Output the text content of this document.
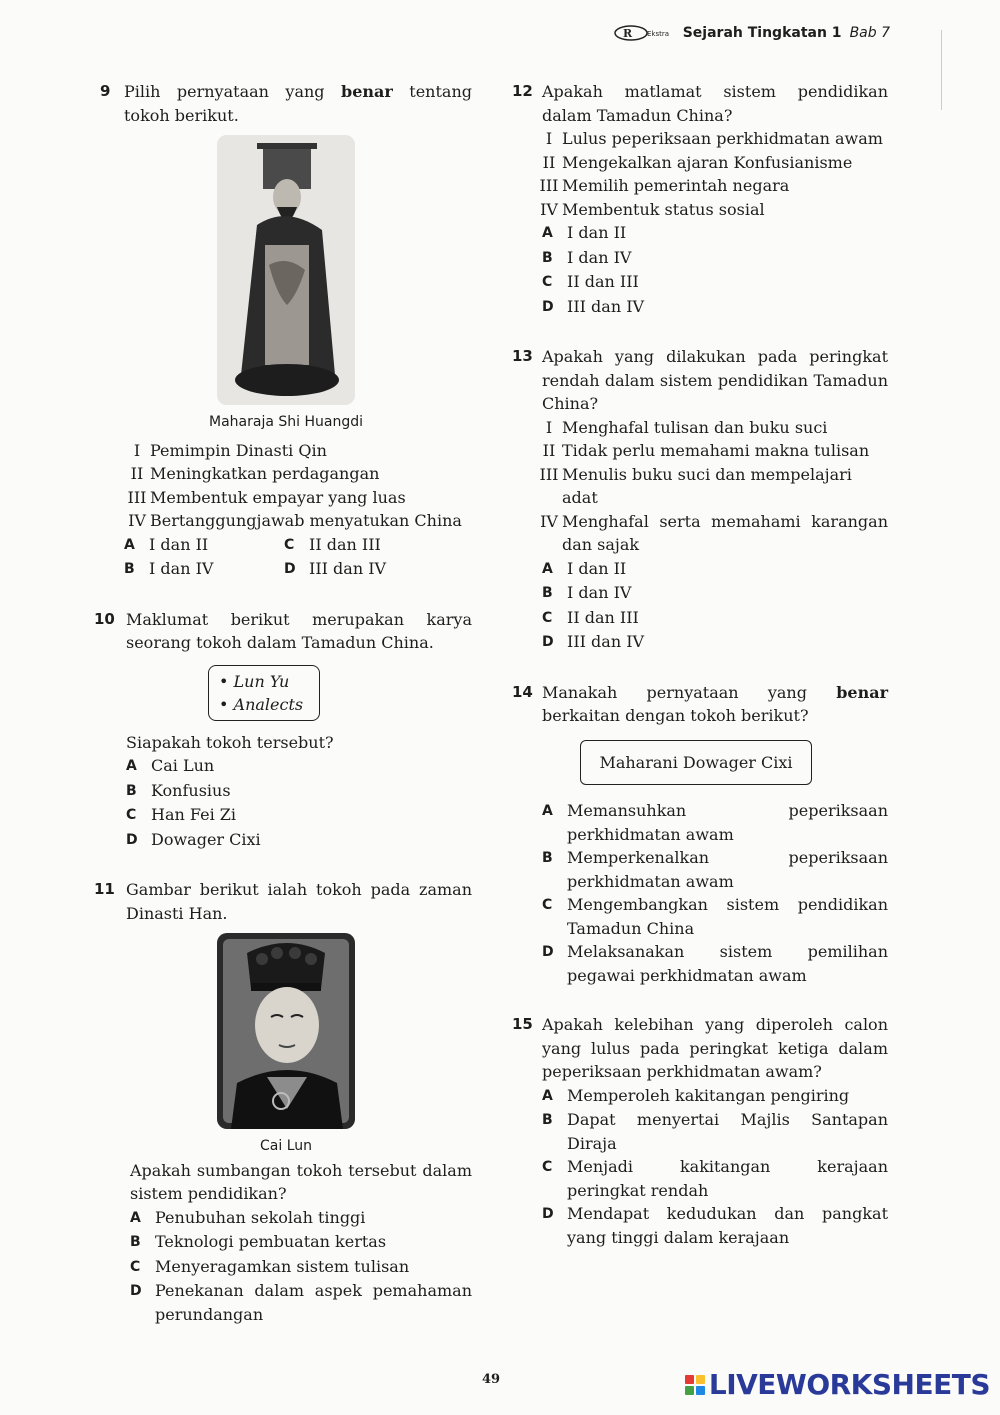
R Ekstra Sejarah Tingkatan 1 Bab 7
9 Pilih pernyataan yang benar tentang tokoh berikut.
Maharaja Shi Huangdi
I Pemimpin Dinasti Qin
II Meningkatkan perdagangan
III Membentuk empayar yang luas
IV Bertanggungjawab menyatukan China
A I dan II	C II dan III
B I dan IV	D III dan IV
10 Maklumat berikut merupakan karya seorang tokoh dalam Tamadun China.
• Lun Yu
• Analects
Siapakah tokoh tersebut?
A Cai Lun
B Konfusius
C Han Fei Zi
D Dowager Cixi
11 Gambar berikut ialah tokoh pada zaman Dinasti Han.
Cai Lun
Apakah sumbangan tokoh tersebut dalam sistem pendidikan?
A Penubuhan sekolah tinggi
B Teknologi pembuatan kertas
C Menyeragamkan sistem tulisan
D Penekanan dalam aspek pemahaman perundangan
12 Apakah matlamat sistem pendidikan dalam Tamadun China?
I Lulus peperiksaan perkhidmatan awam
II Mengekalkan ajaran Konfusianisme
III Memilih pemerintah negara
IV Membentuk status sosial
A I dan II
B I dan IV
C II dan III
D III dan IV
13 Apakah yang dilakukan pada peringkat rendah dalam sistem pendidikan Tamadun China?
I Menghafal tulisan dan buku suci
II Tidak perlu memahami makna tulisan
III Menulis buku suci dan mempelajari adat
IV Menghafal serta memahami karangan dan sajak
A I dan II
B I dan IV
C II dan III
D III dan IV
14 Manakah pernyataan yang benar berkaitan dengan tokoh berikut?
Maharani Dowager Cixi
A Memansuhkan peperiksaan perkhidmatan awam
B Memperkenalkan peperiksaan perkhidmatan awam
C Mengembangkan sistem pendidikan Tamadun China
D Melaksanakan sistem pemilihan pegawai perkhidmatan awam
15 Apakah kelebihan yang diperoleh calon yang lulus pada peringkat ketiga dalam peperiksaan perkhidmatan awam?
A Memperoleh kakitangan pengiring
B Dapat menyertai Majlis Santapan Diraja
C Menjadi kakitangan kerajaan peringkat rendah
D Mendapat kedudukan dan pangkat yang tinggi dalam kerajaan
49	LIVEWORKSHEETS
